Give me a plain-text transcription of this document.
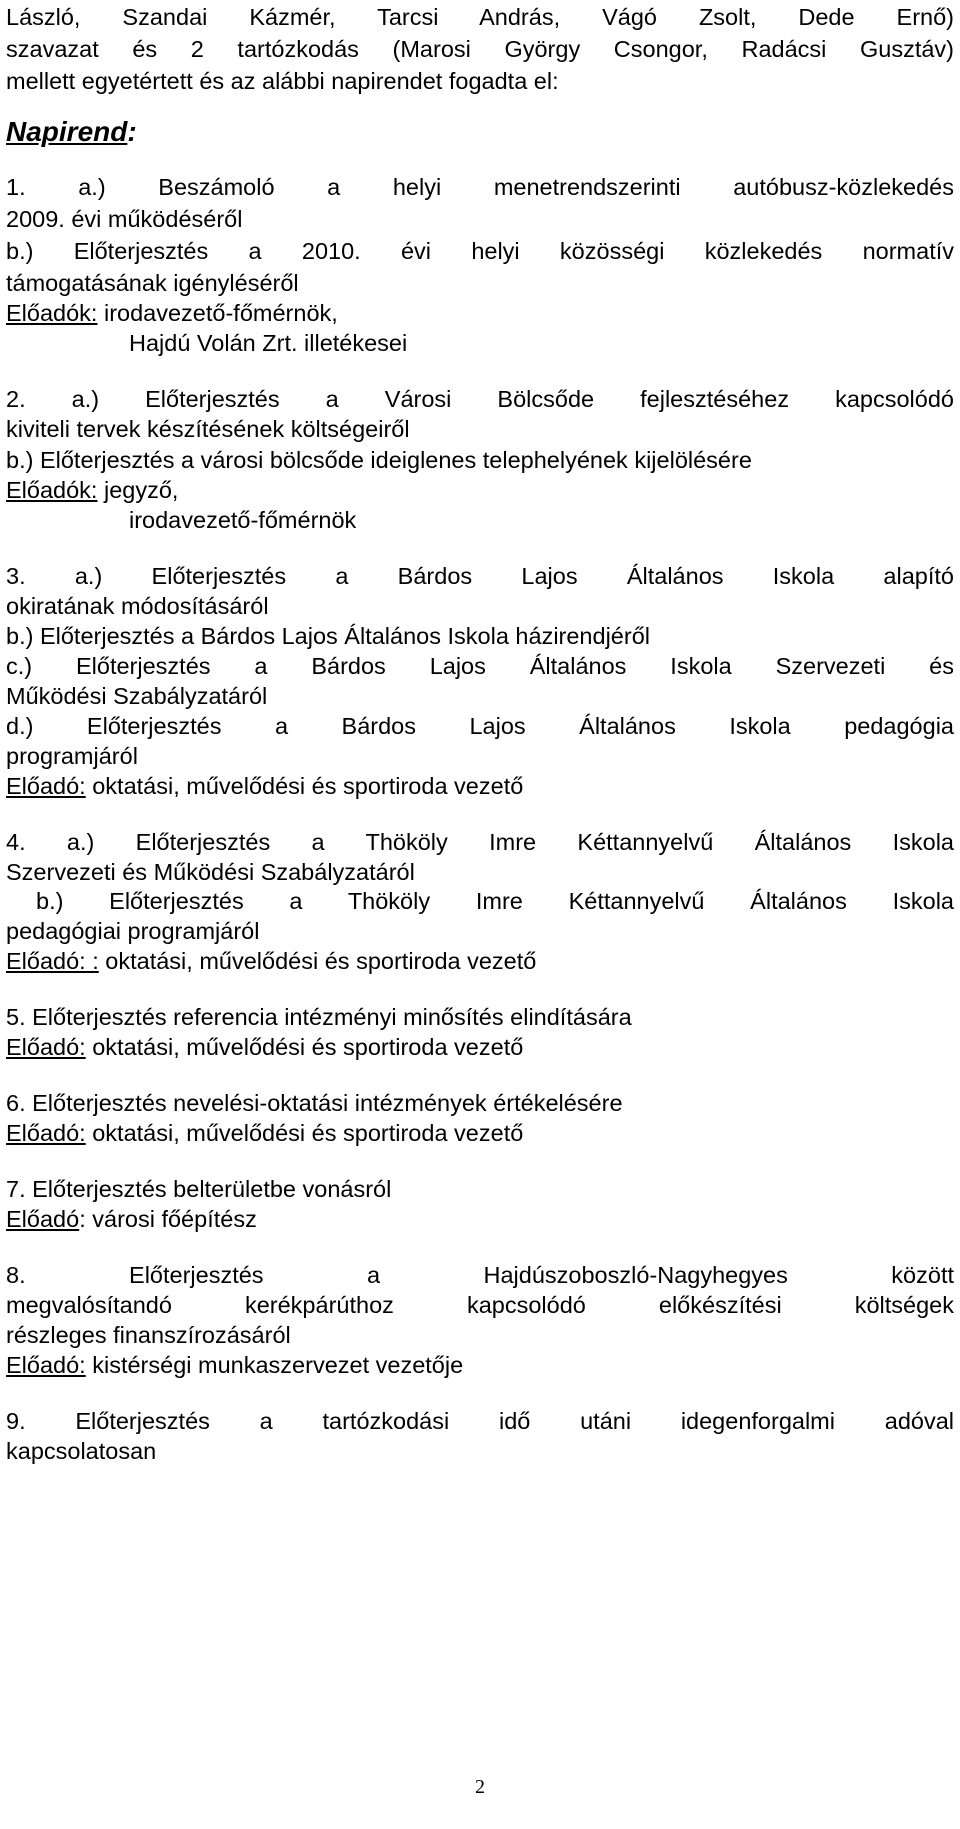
László, Szandai Kázmér, Tarcsi András, Vágó Zsolt, Dede Ernő)
szavazat és 2 tartózkodás (Marosi György Csongor, Radácsi Gusztáv)
mellett egyetértett és az alábbi napirendet fogadta el:
Napirend:
1. a.) Beszámoló a helyi menetrendszerinti autóbusz-közlekedés
2009. évi működéséről
b.) Előterjesztés a 2010. évi helyi közösségi közlekedés normatív
támogatásának igényléséről
Előadók: irodavezető-főmérnök,
Hajdú Volán Zrt. illetékesei
2. a.) Előterjesztés a Városi Bölcsőde fejlesztéséhez kapcsolódó
kiviteli tervek készítésének költségeiről
b.) Előterjesztés a városi bölcsőde ideiglenes telephelyének kijelölésére
Előadók: jegyző,
irodavezető-főmérnök
3. a.) Előterjesztés a Bárdos Lajos Általános Iskola alapító
okiratának módosításáról
b.) Előterjesztés a Bárdos Lajos Általános Iskola házirendjéről
c.) Előterjesztés a Bárdos Lajos Általános Iskola Szervezeti és
Működési Szabályzatáról
d.) Előterjesztés a Bárdos Lajos Általános Iskola pedagógia
programjáról
Előadó: oktatási, művelődési és sportiroda vezető
4. a.) Előterjesztés a Thököly Imre Kéttannyelvű Általános Iskola
Szervezeti és Működési Szabályzatáról
b.) Előterjesztés a Thököly Imre Kéttannyelvű Általános Iskola
pedagógiai programjáról
Előadó: : oktatási, művelődési és sportiroda vezető
5. Előterjesztés referencia intézményi minősítés elindítására
Előadó: oktatási, művelődési és sportiroda vezető
6. Előterjesztés nevelési-oktatási intézmények értékelésére
Előadó: oktatási, művelődési és sportiroda vezető
7. Előterjesztés belterületbe vonásról
Előadó: városi főépítész
8. Előterjesztés a Hajdúszoboszló-Nagyhegyes között
megvalósítandó kerékpárúthoz kapcsolódó előkészítési költségek
részleges finanszírozásáról
Előadó: kistérségi munkaszervezet vezetője
9. Előterjesztés a tartózkodási idő utáni idegenforgalmi adóval
kapcsolatosan
2
